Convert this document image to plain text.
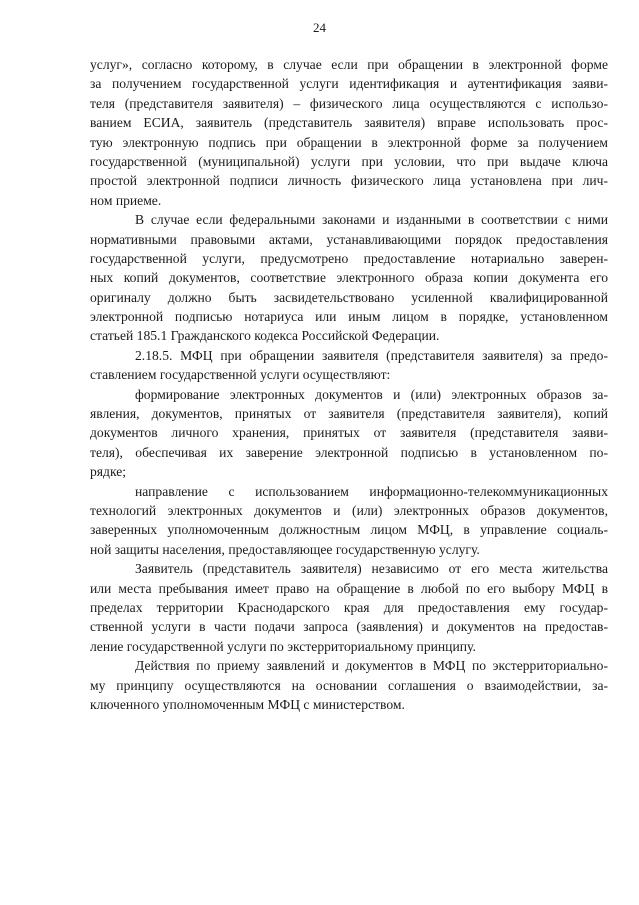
24
услуг», согласно которому, в случае если при обращении в электронной форме
за получением государственной услуги идентификация и аутентификация заяви-
теля (представителя заявителя) – физического лица осуществляются с использо-
ванием ЕСИА, заявитель (представитель заявителя) вправе использовать прос-
тую электронную подпись при обращении в электронной форме за получением
государственной (муниципальной) услуги при условии, что при выдаче ключа
простой электронной подписи личность физического лица установлена при лич-
ном приеме.
В случае если федеральными законами и изданными в соответствии с ними
нормативными правовыми актами, устанавливающими порядок предоставления
государственной услуги, предусмотрено предоставление нотариально заверен-
ных копий документов, соответствие электронного образа копии документа его
оригиналу должно быть засвидетельствовано усиленной квалифицированной
электронной подписью нотариуса или иным лицом в порядке, установленном
статьей 185.1 Гражданского кодекса Российской Федерации.
2.18.5. МФЦ при обращении заявителя (представителя заявителя) за предо-
ставлением государственной услуги осуществляют:
формирование электронных документов и (или) электронных образов за-
явления, документов, принятых от заявителя (представителя заявителя), копий
документов личного хранения, принятых от заявителя (представителя заяви-
теля), обеспечивая их заверение электронной подписью в установленном по-
рядке;
направление с использованием информационно-телекоммуникационных
технологий электронных документов и (или) электронных образов документов,
заверенных уполномоченным должностным лицом МФЦ, в управление социаль-
ной защиты населения, предоставляющее государственную услугу.
Заявитель (представитель заявителя) независимо от его места жительства
или места пребывания имеет право на обращение в любой по его выбору МФЦ в
пределах территории Краснодарского края для предоставления ему государ-
ственной услуги в части подачи запроса (заявления) и документов на предостав-
ление государственной услуги по экстерриториальному принципу.
Действия по приему заявлений и документов в МФЦ по экстерриториально-
му принципу осуществляются на основании соглашения о взаимодействии, за-
ключенного уполномоченным МФЦ с министерством.
